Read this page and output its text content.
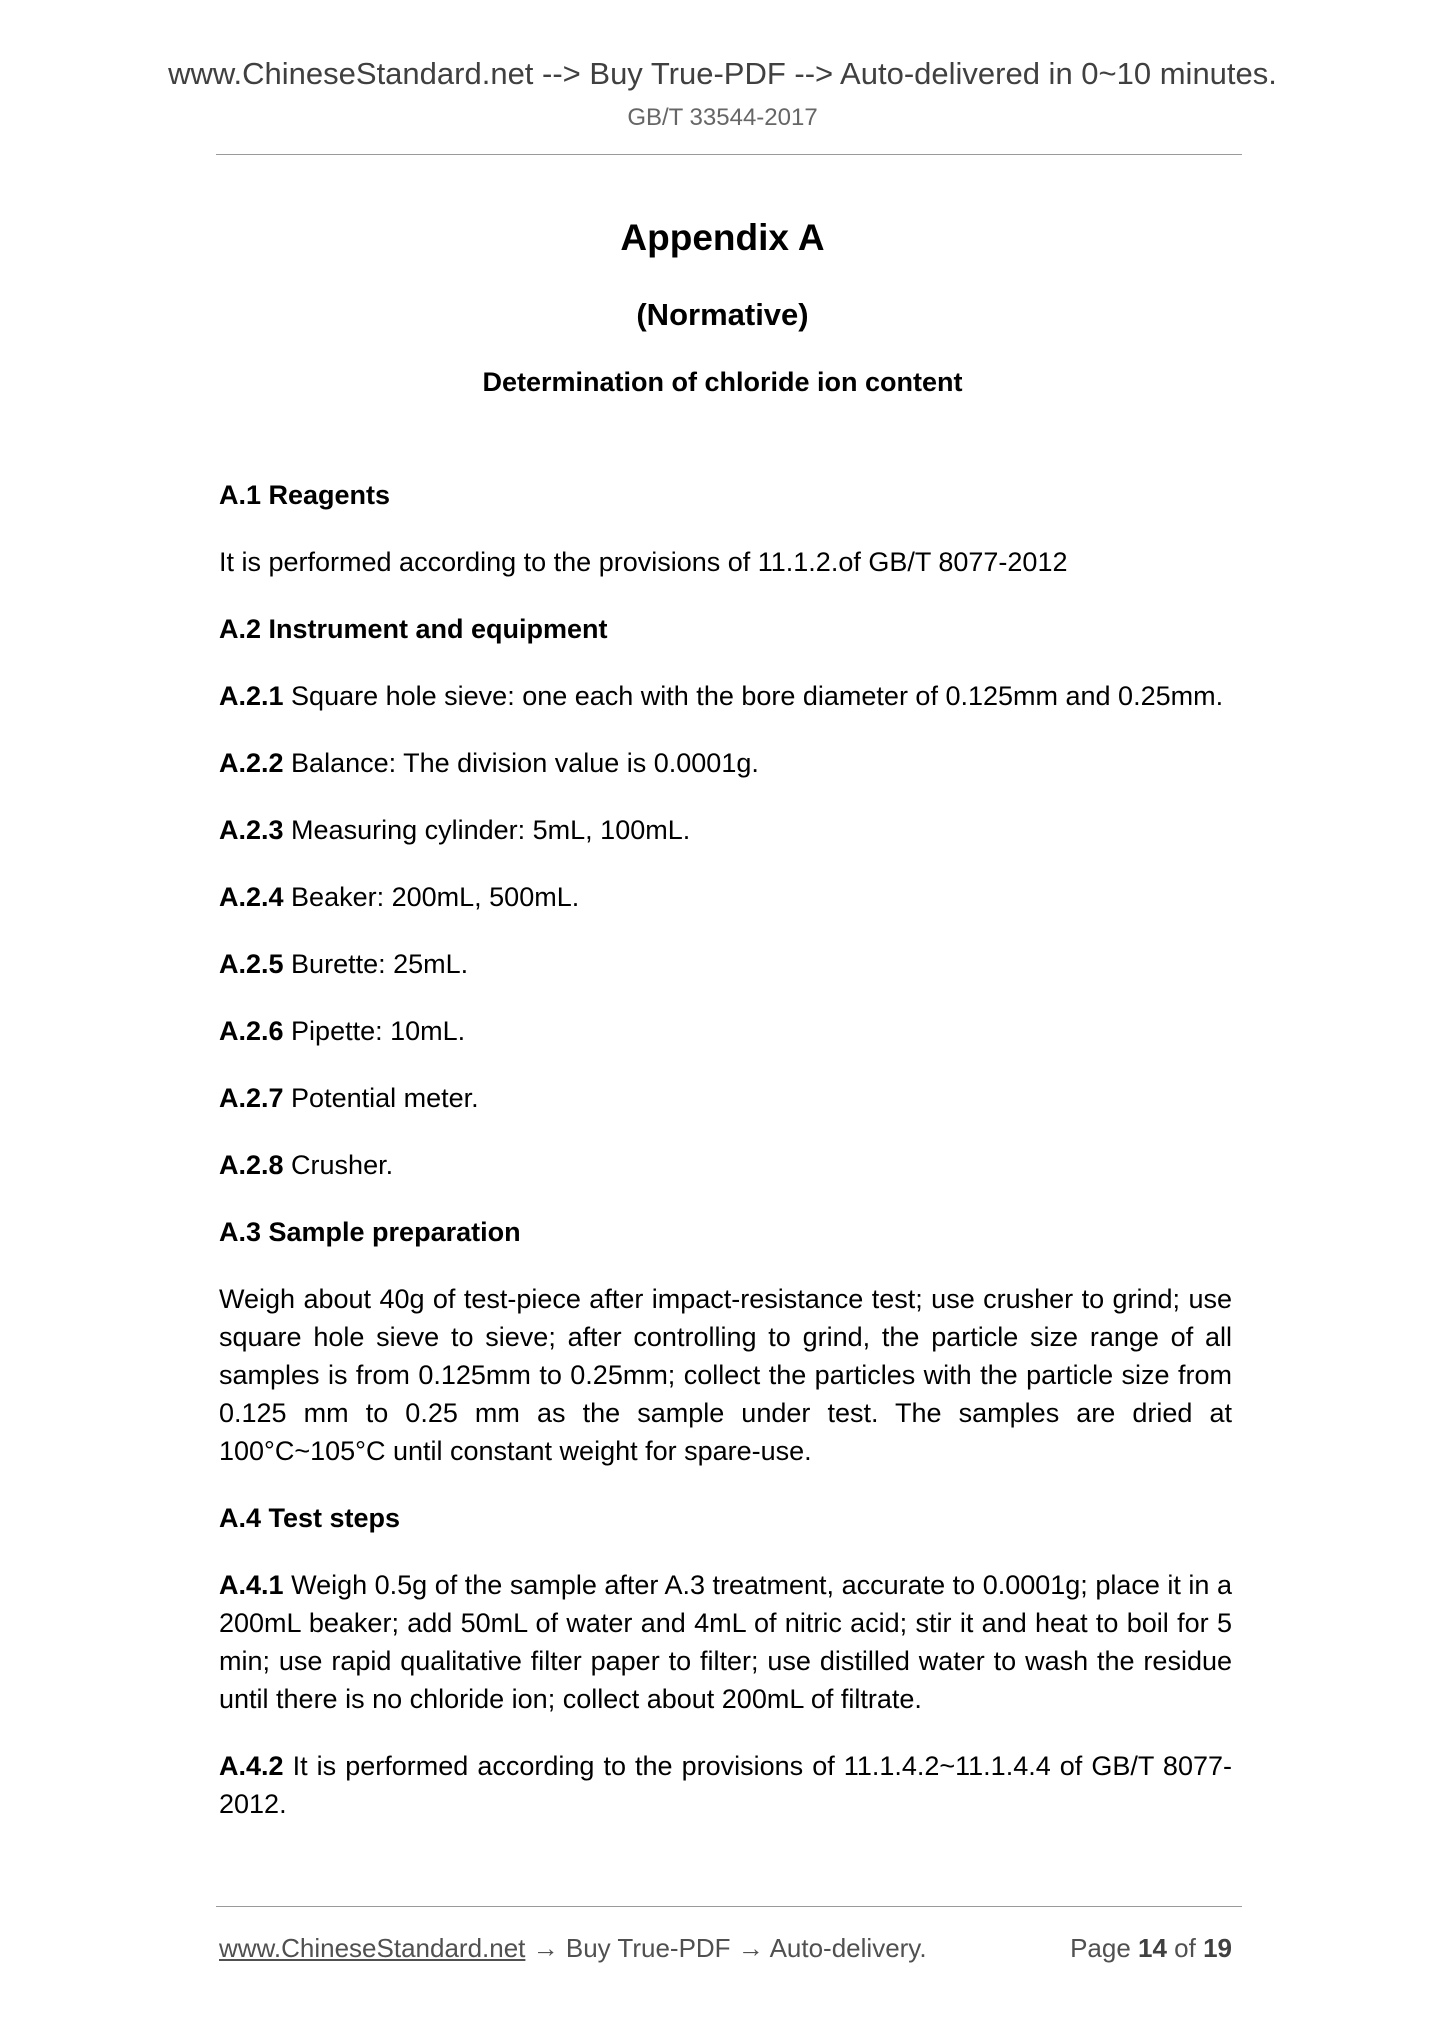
www.ChineseStandard.net --> Buy True-PDF --> Auto-delivered in 0~10 minutes.
GB/T 33544-2017
Appendix A
(Normative)
Determination of chloride ion content
A.1 Reagents

It is performed according to the provisions of 11.1.2.of GB/T 8077-2012

A.2 Instrument and equipment

A.2.1 Square hole sieve: one each with the bore diameter of 0.125mm and 0.25mm.

A.2.2 Balance: The division value is 0.0001g.

A.2.3 Measuring cylinder: 5mL, 100mL.

A.2.4 Beaker: 200mL, 500mL.

A.2.5 Burette: 25mL.

A.2.6 Pipette: 10mL.

A.2.7 Potential meter.

A.2.8 Crusher.

A.3 Sample preparation

Weigh about 40g of test-piece after impact-resistance test; use crusher to grind; use square hole sieve to sieve; after controlling to grind, the particle size range of all samples is from 0.125mm to 0.25mm; collect the particles with the particle size from 0.125 mm to 0.25 mm as the sample under test. The samples are dried at 100°C~105°C until constant weight for spare-use.

A.4 Test steps

A.4.1 Weigh 0.5g of the sample after A.3 treatment, accurate to 0.0001g; place it in a 200mL beaker; add 50mL of water and 4mL of nitric acid; stir it and heat to boil for 5 min; use rapid qualitative filter paper to filter; use distilled water to wash the residue until there is no chloride ion; collect about 200mL of filtrate.

A.4.2 It is performed according to the provisions of 11.1.4.2~11.1.4.4 of GB/T 8077-2012.

www.ChineseStandard.net → Buy True-PDF → Auto-delivery.	Page 14 of 19
